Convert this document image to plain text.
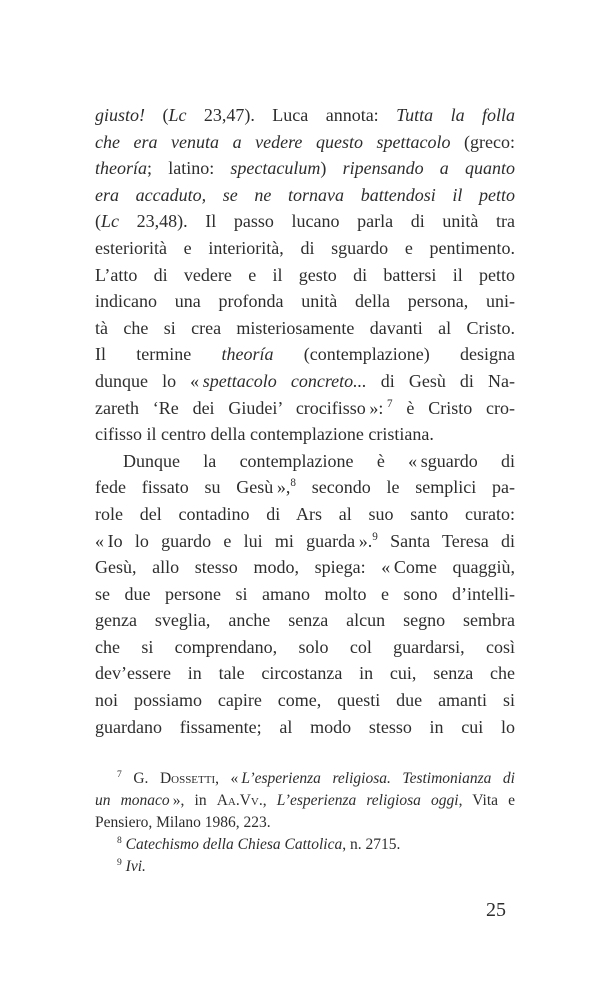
giusto! (Lc 23,47). Luca annota: Tutta la folla
che era venuta a vedere questo spettacolo (greco:
theoría; latino: spectaculum) ripensando a quanto
era accaduto, se ne tornava battendosi il petto
(Lc 23,48). Il passo lucano parla di unità tra
esteriorità e interiorità, di sguardo e pentimento.
L’atto di vedere e il gesto di battersi il petto
indicano una profonda unità della persona, uni-
tà che si crea misteriosamente davanti al Cristo.
Il termine theoría (contemplazione) designa
dunque lo « spettacolo concreto... di Gesù di Na-
zareth ‘Re dei Giudei’ crocifisso »: $^7$ è Cristo cro-
cifisso il centro della contemplazione cristiana.
Dunque la contemplazione è « sguardo di
fede fissato su Gesù »,$^8$ secondo le semplici pa-
role del contadino di Ars al suo santo curato:
« Io lo guardo e lui mi guarda ».$^9$ Santa Teresa di
Gesù, allo stesso modo, spiega: « Come quaggiù,
se due persone si amano molto e sono d’intelli-
genza sveglia, anche senza alcun segno sembra
che si comprendano, solo col guardarsi, così
dev’essere in tale circostanza in cui, senza che
noi possiamo capire come, questi due amanti si
guardano fissamente; al modo stesso in cui lo
$^7$ G. Dossetti, « L’esperienza religiosa. Testimonianza di
un monaco », in Aa.Vv., L’esperienza religiosa oggi, Vita e
Pensiero, Milano 1986, 223.
$^8$ Catechismo della Chiesa Cattolica, n. 2715.
$^9$ Ivi.
25
